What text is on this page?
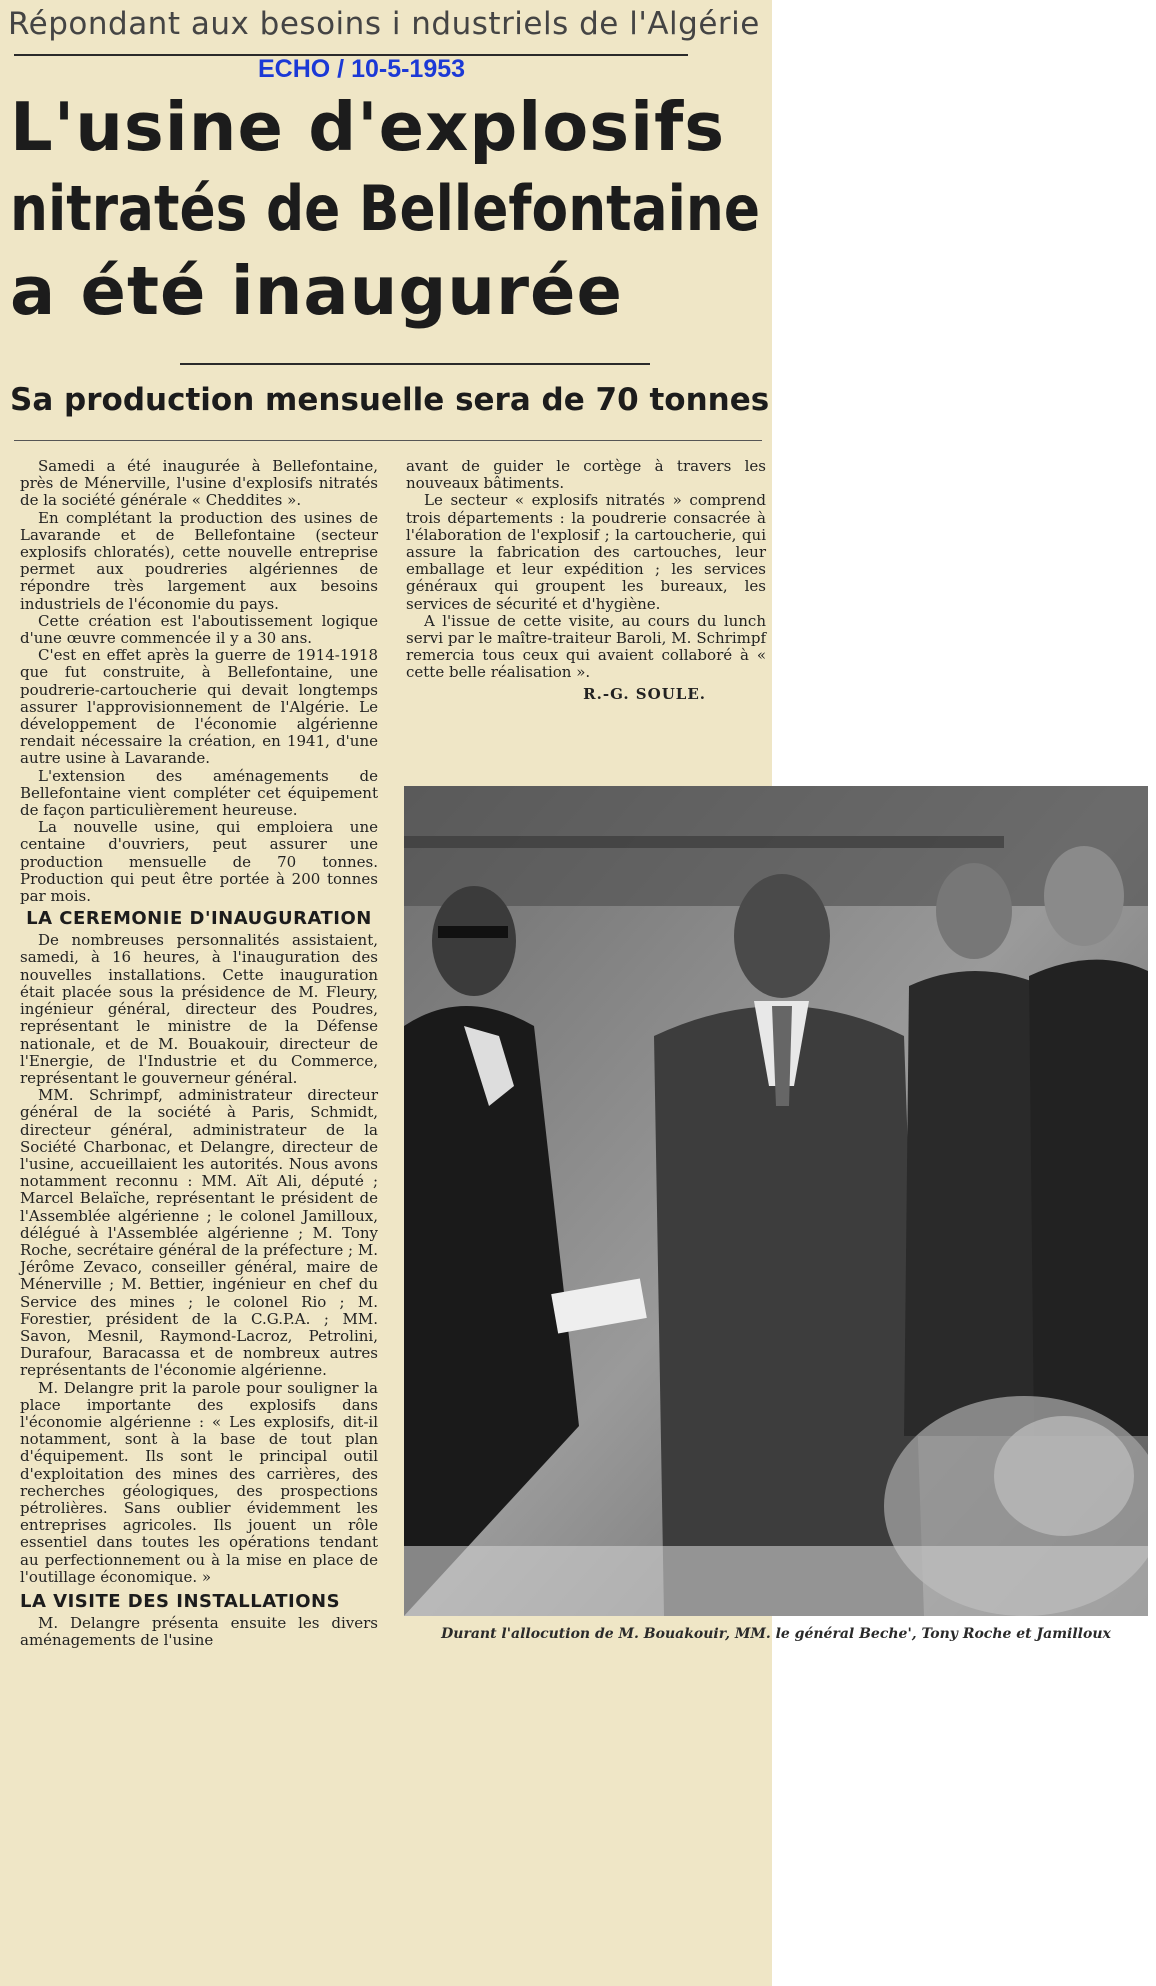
Répondant aux besoins i ndustriels de l'Algérie
ECHO / 10-5-1953
L'usine d'explosifs
nitratés de Bellefontaine
a été inaugurée
Sa production mensuelle sera de 70 tonnes

Samedi a été inaugurée à Bellefontaine, près de Ménerville, l'usine d'explosifs nitratés de la société générale « Cheddites ».

En complétant la production des usines de Lavarande et de Bellefontaine (secteur explosifs chloratés), cette nouvelle entreprise permet aux poudreries algériennes de répondre très largement aux besoins industriels de l'économie du pays.

Cette création est l'aboutissement logique d'une œuvre commencée il y a 30 ans.

C'est en effet après la guerre de 1914-1918 que fut construite, à Bellefontaine, une poudrerie-cartoucherie qui devait longtemps assurer l'approvisionnement de l'Algérie. Le développement de l'économie algérienne rendait nécessaire la création, en 1941, d'une autre usine à Lavarande.

L'extension des aménagements de Bellefontaine vient compléter cet équipement de façon particulièrement heureuse.

La nouvelle usine, qui emploiera une centaine d'ouvriers, peut assurer une production mensuelle de 70 tonnes. Production qui peut être portée à 200 tonnes par mois.

LA CEREMONIE D'INAUGURATION

De nombreuses personnalités assistaient, samedi, à 16 heures, à l'inauguration des nouvelles installations. Cette inauguration était placée sous la présidence de M. Fleury, ingénieur général, directeur des Poudres, représentant le ministre de la Défense nationale, et de M. Bouakouir, directeur de l'Energie, de l'Industrie et du Commerce, représentant le gouverneur général.

MM. Schrimpf, administrateur directeur général de la société à Paris, Schmidt, directeur général, administrateur de la Société Charbonac, et Delangre, directeur de l'usine, accueillaient les autorités. Nous avons notamment reconnu : MM. Aït Ali, député ; Marcel Belaïche, représentant le président de l'Assemblée algérienne ; le colonel Jamilloux, délégué à l'Assemblée algérienne ; M. Tony Roche, secrétaire général de la préfecture ; M. Jérôme Zevaco, conseiller général, maire de Ménerville ; M. Bettier, ingénieur en chef du Service des mines ; le colonel Rio ; M. Forestier, président de la C.G.P.A. ; MM. Savon, Mesnil, Raymond-Lacroz, Petrolini, Durafour, Baracassa et de nombreux autres représentants de l'économie algérienne.

M. Delangre prit la parole pour souligner la place importante des explosifs dans l'économie algérienne : « Les explosifs, dit-il notamment, sont à la base de tout plan d'équipement. Ils sont le principal outil d'exploitation des mines des carrières, des recherches géologiques, des prospections pétrolières. Sans oublier évidemment les entreprises agricoles. Ils jouent un rôle essentiel dans toutes les opérations tendant au perfectionnement ou à la mise en place de l'outillage économique. »

LA VISITE DES INSTALLATIONS

M. Delangre présenta ensuite les divers aménagements de l'usine

avant de guider le cortège à travers les nouveaux bâtiments.

Le secteur « explosifs nitratés » comprend trois départements : la poudrerie consacrée à l'élaboration de l'explosif ; la cartoucherie, qui assure la fabrication des cartouches, leur emballage et leur expédition ; les services généraux qui groupent les bureaux, les services de sécurité et d'hygiène.

A l'issue de cette visite, au cours du lunch servi par le maître-traiteur Baroli, M. Schrimpf remercia tous ceux qui avaient collaboré à « cette belle réalisation ».

R.-G. SOULE.
Durant l'allocution de M. Bouakouir, MM. le général Beche', Tony Roche et Jamilloux
